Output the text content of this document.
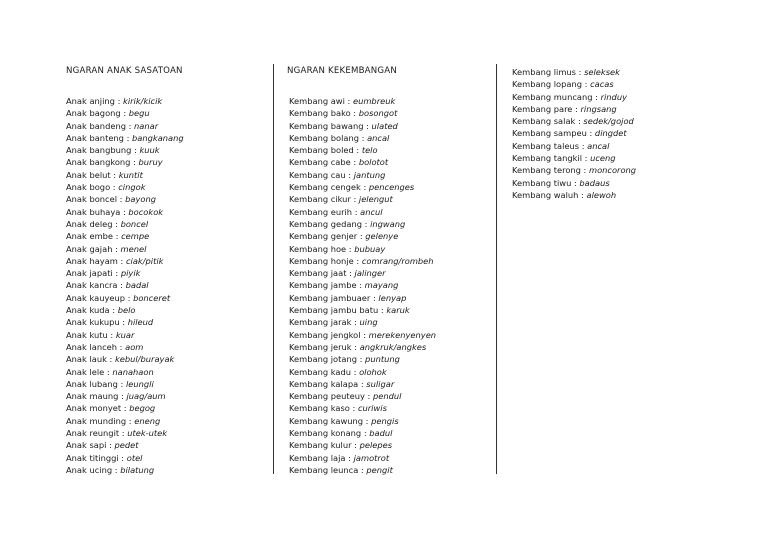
NGARAN ANAK SASATOAN
Anak anjing : kirik/kicik
Anak bagong : begu
Anak bandeng : nanar
Anak banteng : bangkanang
Anak bangbung : kuuk
Anak bangkong : buruy
Anak belut : kuntit
Anak bogo : cingok
Anak boncel : bayong
Anak buhaya : bocokok
Anak deleg : boncel
Anak embe : cempe
Anak gajah : menel
Anak hayam : ciak/pitik
Anak japati : piyik
Anak kancra : badal
Anak kauyeup : bonceret
Anak kuda : belo
Anak kukupu : hileud
Anak kutu : kuar
Anak lanceh : aom
Anak lauk : kebul/burayak
Anak lele : nanahaon
Anak lubang : leungli
Anak maung : juag/aum
Anak monyet : begog
Anak munding : eneng
Anak reungit : utek-utek
Anak sapi : pedet
Anak titinggi : otel
Anak ucing : bilatung
NGARAN KEKEMBANGAN
Kembang awi : eumbreuk
Kembang bako : bosongot
Kembang bawang : ulated
Kembang bolang : ancal
Kembang boled : telo
Kembang cabe : bolotot
Kembang cau : jantung
Kembang cengek : pencenges
Kembang cikur : jelengut
Kembang eurih : ancul
Kembang gedang : ingwang
Kembang genjer : gelenye
Kembang hoe : bubuay
Kembang honje : comrang/rombeh
Kembang jaat : jalinger
Kembang jambe : mayang
Kembang jambuaer : lenyap
Kembang jambu batu : karuk
Kembang jarak : uing
Kembang jengkol : merekenyenyen
Kembang jeruk : angkruk/angkes
Kembang jotang : puntung
Kembang kadu : olohok
Kembang kalapa : suligar
Kembang peuteuy : pendul
Kembang kaso : curiwis
Kembang kawung : pengis
Kembang konang : badul
Kembang kulur : pelepes
Kembang laja : jamotrot
Kembang leunca : pengit
Kembang limus : seleksek
Kembang lopang : cacas
Kembang muncang : rinduy
Kembang pare : ringsang
Kembang salak : sedek/gojod
Kembang sampeu : dingdet
Kembang taleus : ancal
Kembang tangkil : uceng
Kembang terong : moncorong
Kembang tiwu : badaus
Kembang waluh : alewoh
